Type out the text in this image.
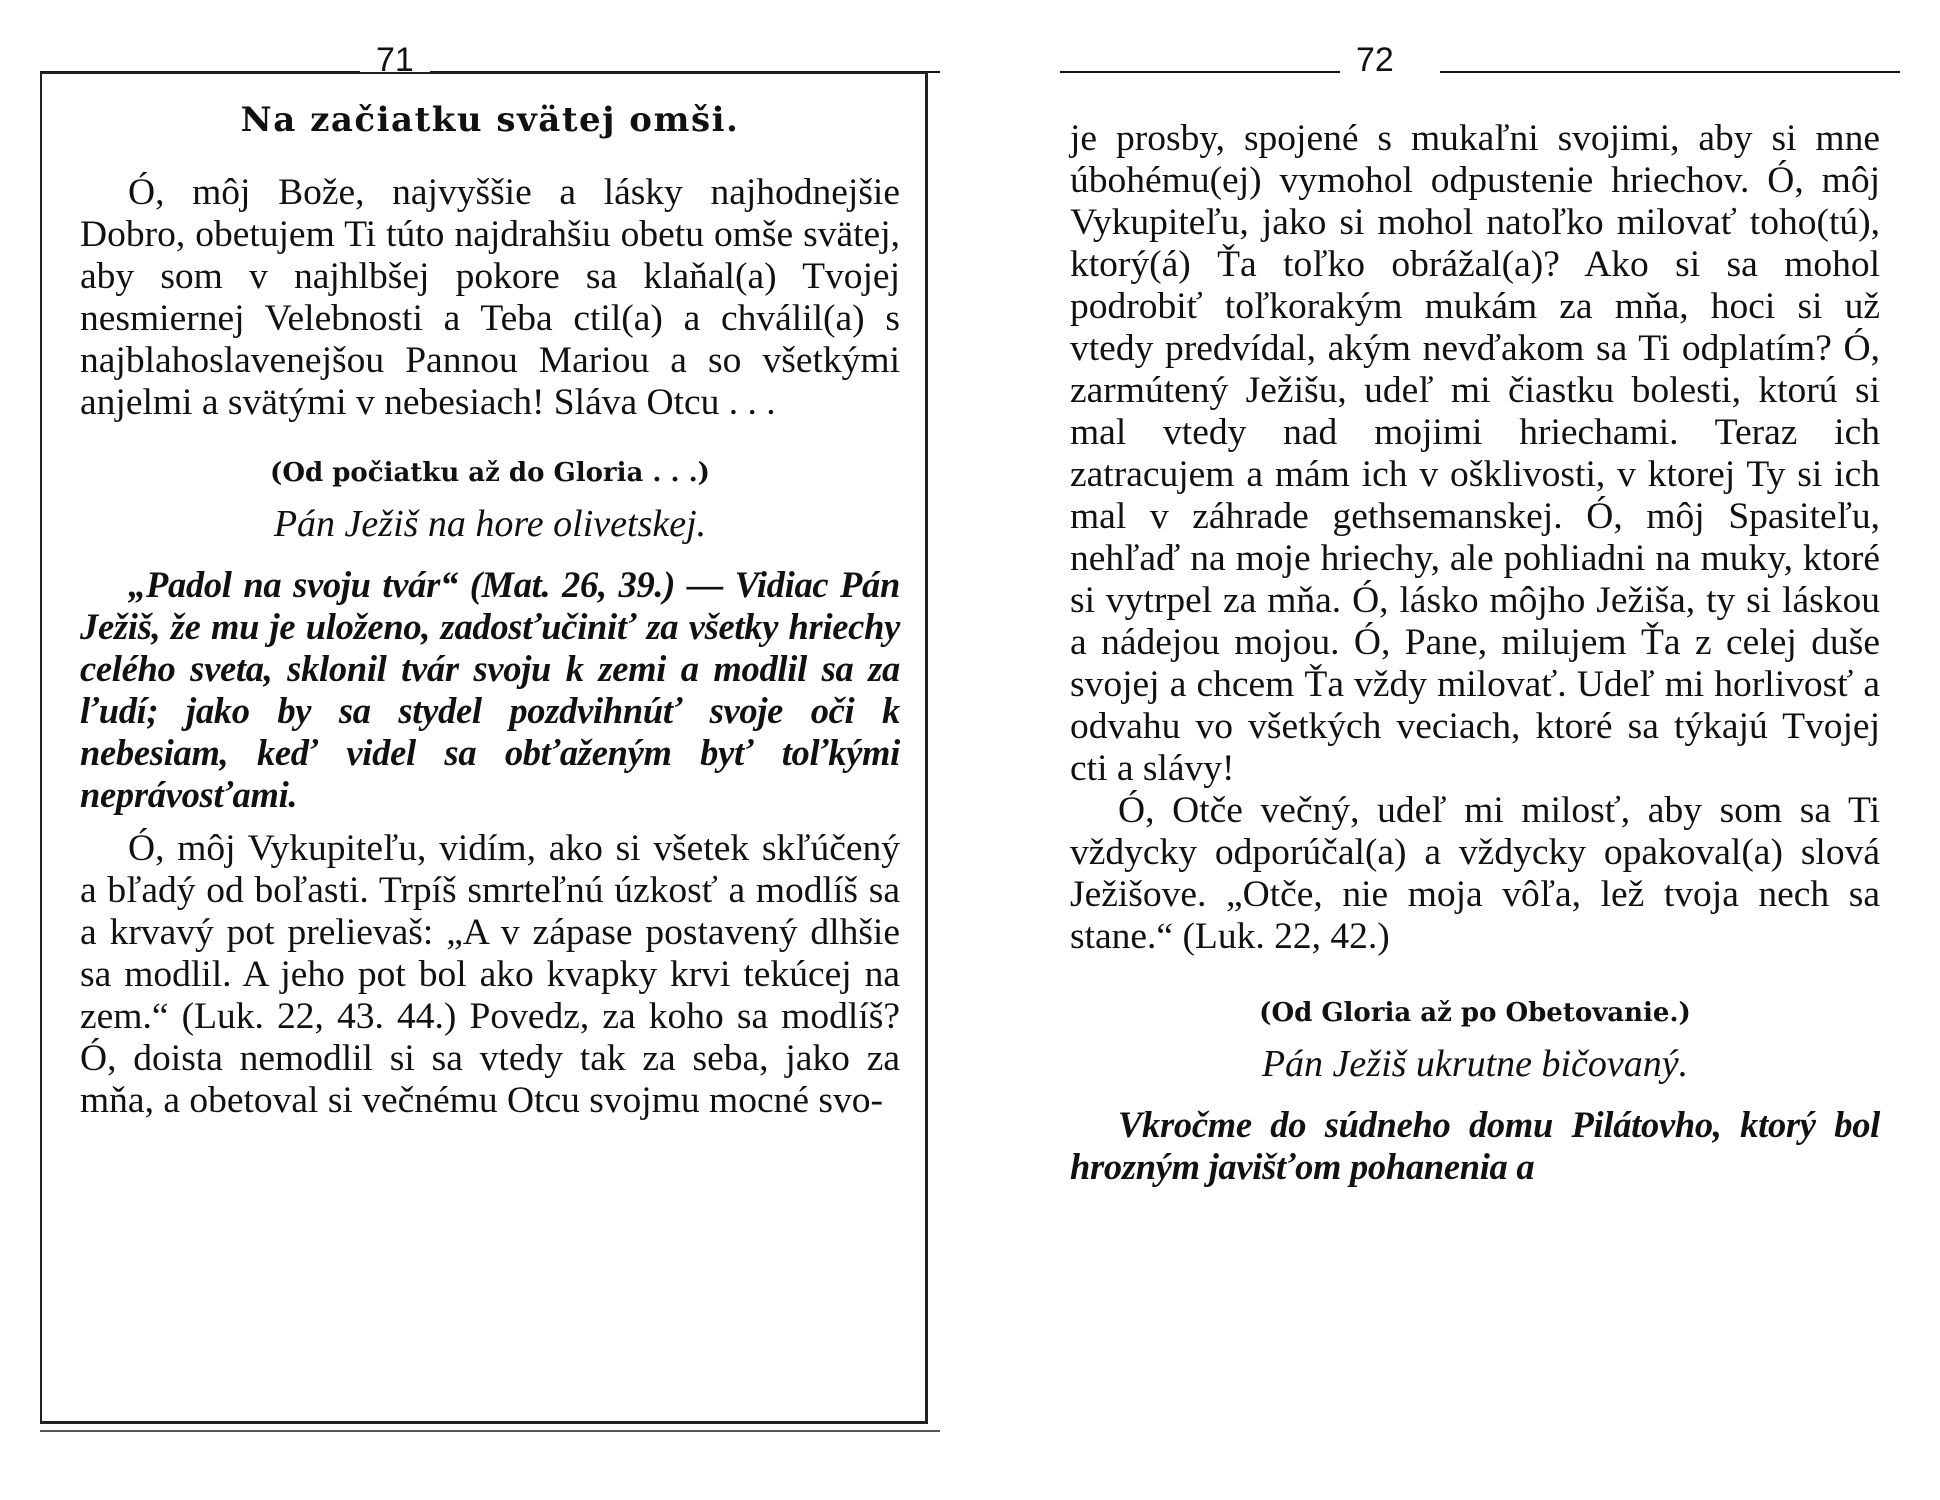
71
Na začiatku svätej omši.

Ó, môj Bože, najvyššie a lásky najhodnejšie Dobro, obetujem Ti túto najdrahšiu obetu omše svätej, aby som v najhlbšej pokore sa klaňal(a) Tvojej nesmiernej Velebnosti a Teba ctil(a) a chválil(a) s najblahoslavenejšou Pannou Mariou a so všetkými anjelmi a svätými v nebesiach! Sláva Otcu . . .

(Od počiatku až do Gloria . . .)
Pán Ježiš na hore olivetskej.

„Padol na svoju tvár“ (Mat. 26, 39.) — Vidiac Pán Ježiš, že mu je uloženo, zadosťučiniť za všetky hriechy celého sveta, sklonil tvár svoju k zemi a modlil sa za ľudí; jako by sa stydel pozdvihnúť svoje oči k nebesiam, keď videl sa obťaženým byť toľkými neprávosťami.

Ó, môj Vykupiteľu, vidím, ako si všetek skľúčený a bľadý od boľasti. Trpíš smrteľnú úzkosť a modlíš sa a krvavý pot prelievaš: „A v zápase postavený dlhšie sa modlil. A jeho pot bol ako kvapky krvi tekúcej na zem.“ (Luk. 22, 43. 44.) Povedz, za koho sa modlíš? Ó, doista nemodlil si sa vtedy tak za seba, jako za mňa, a obetoval si večnému Otcu svojmu mocné svo-

72

je prosby, spojené s mukaľni svojimi, aby si mne úbohému(ej) vymohol odpustenie hriechov. Ó, môj Vykupiteľu, jako si mohol natoľko milovať toho(tú), ktorý(á) Ťa toľko obrážal(a)? Ako si sa mohol podrobiť toľkorakým mukám za mňa, hoci si už vtedy predvídal, akým nevďakom sa Ti odplatím? Ó, zarmútený Ježišu, udeľ mi čiastku bolesti, ktorú si mal vtedy nad mojimi hriechami. Teraz ich zatracujem a mám ich v ošklivosti, v ktorej Ty si ich mal v záhrade gethsemanskej. Ó, môj Spasiteľu, nehľaď na moje hriechy, ale pohliadni na muky, ktoré si vytrpel za mňa. Ó, lásko môjho Ježiša, ty si láskou a nádejou mojou. Ó, Pane, milujem Ťa z celej duše svojej a chcem Ťa vždy milovať. Udeľ mi horlivosť a odvahu vo všetkých veciach, ktoré sa týkajú Tvojej cti a slávy!

Ó, Otče večný, udeľ mi milosť, aby som sa Ti vždycky odporúčal(a) a vždycky opakoval(a) slová Ježišove. „Otče, nie moja vôľa, lež tvoja nech sa stane.“ (Luk. 22, 42.)

(Od Gloria až po Obetovanie.)
Pán Ježiš ukrutne bičovaný.

Vkročme do súdneho domu Pilátovho, ktorý bol hrozným javišťom pohanenia a
